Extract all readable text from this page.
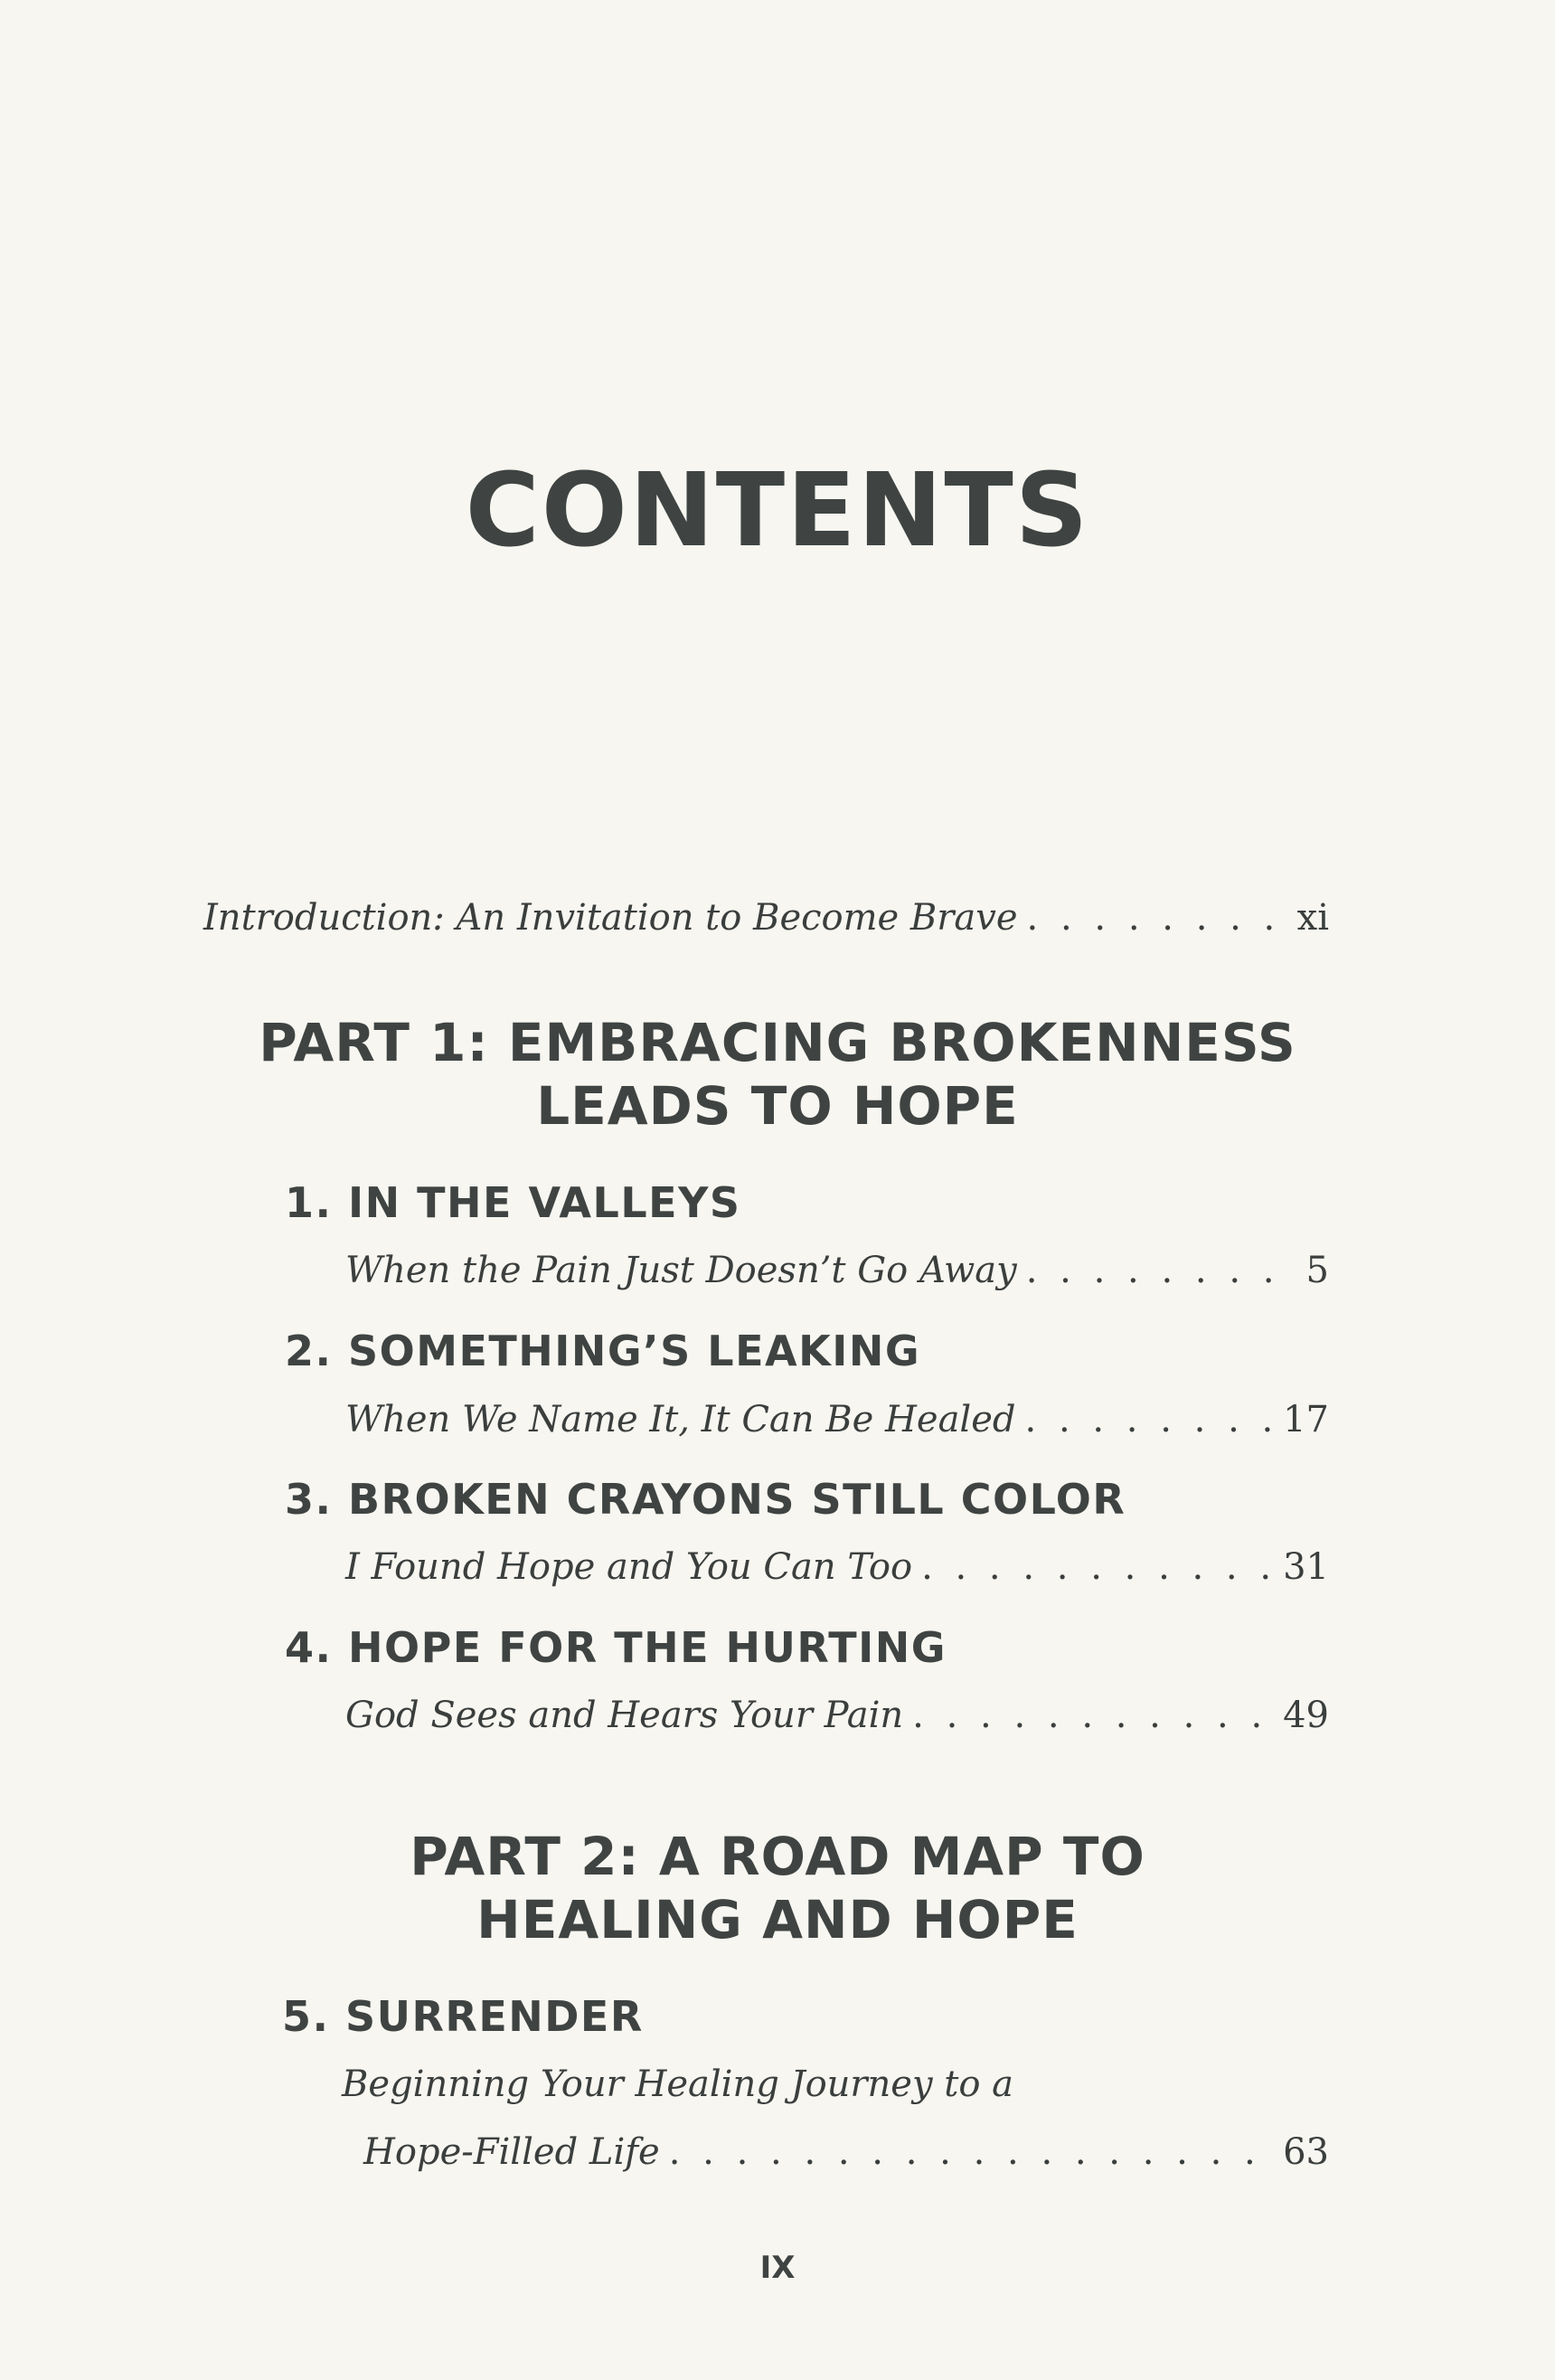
CONTENTS
Introduction: An Invitation to Become Brave . . .	xi
PART 1: EMBRACING BROKENNESS
LEADS TO HOPE
1. IN THE VALLEYS
When the Pain Just Doesn’t Go Away . . .	5
2. SOMETHING’S LEAKING
When We Name It, It Can Be Healed . . .	17
3. BROKEN CRAYONS STILL COLOR
I Found Hope and You Can Too . . .	31
4. HOPE FOR THE HURTING
God Sees and Hears Your Pain . . .	49
PART 2: A ROAD MAP TO
HEALING AND HOPE
5. SURRENDER
Beginning Your Healing Journey to a
Hope-Filled Life . . .	63
IX
